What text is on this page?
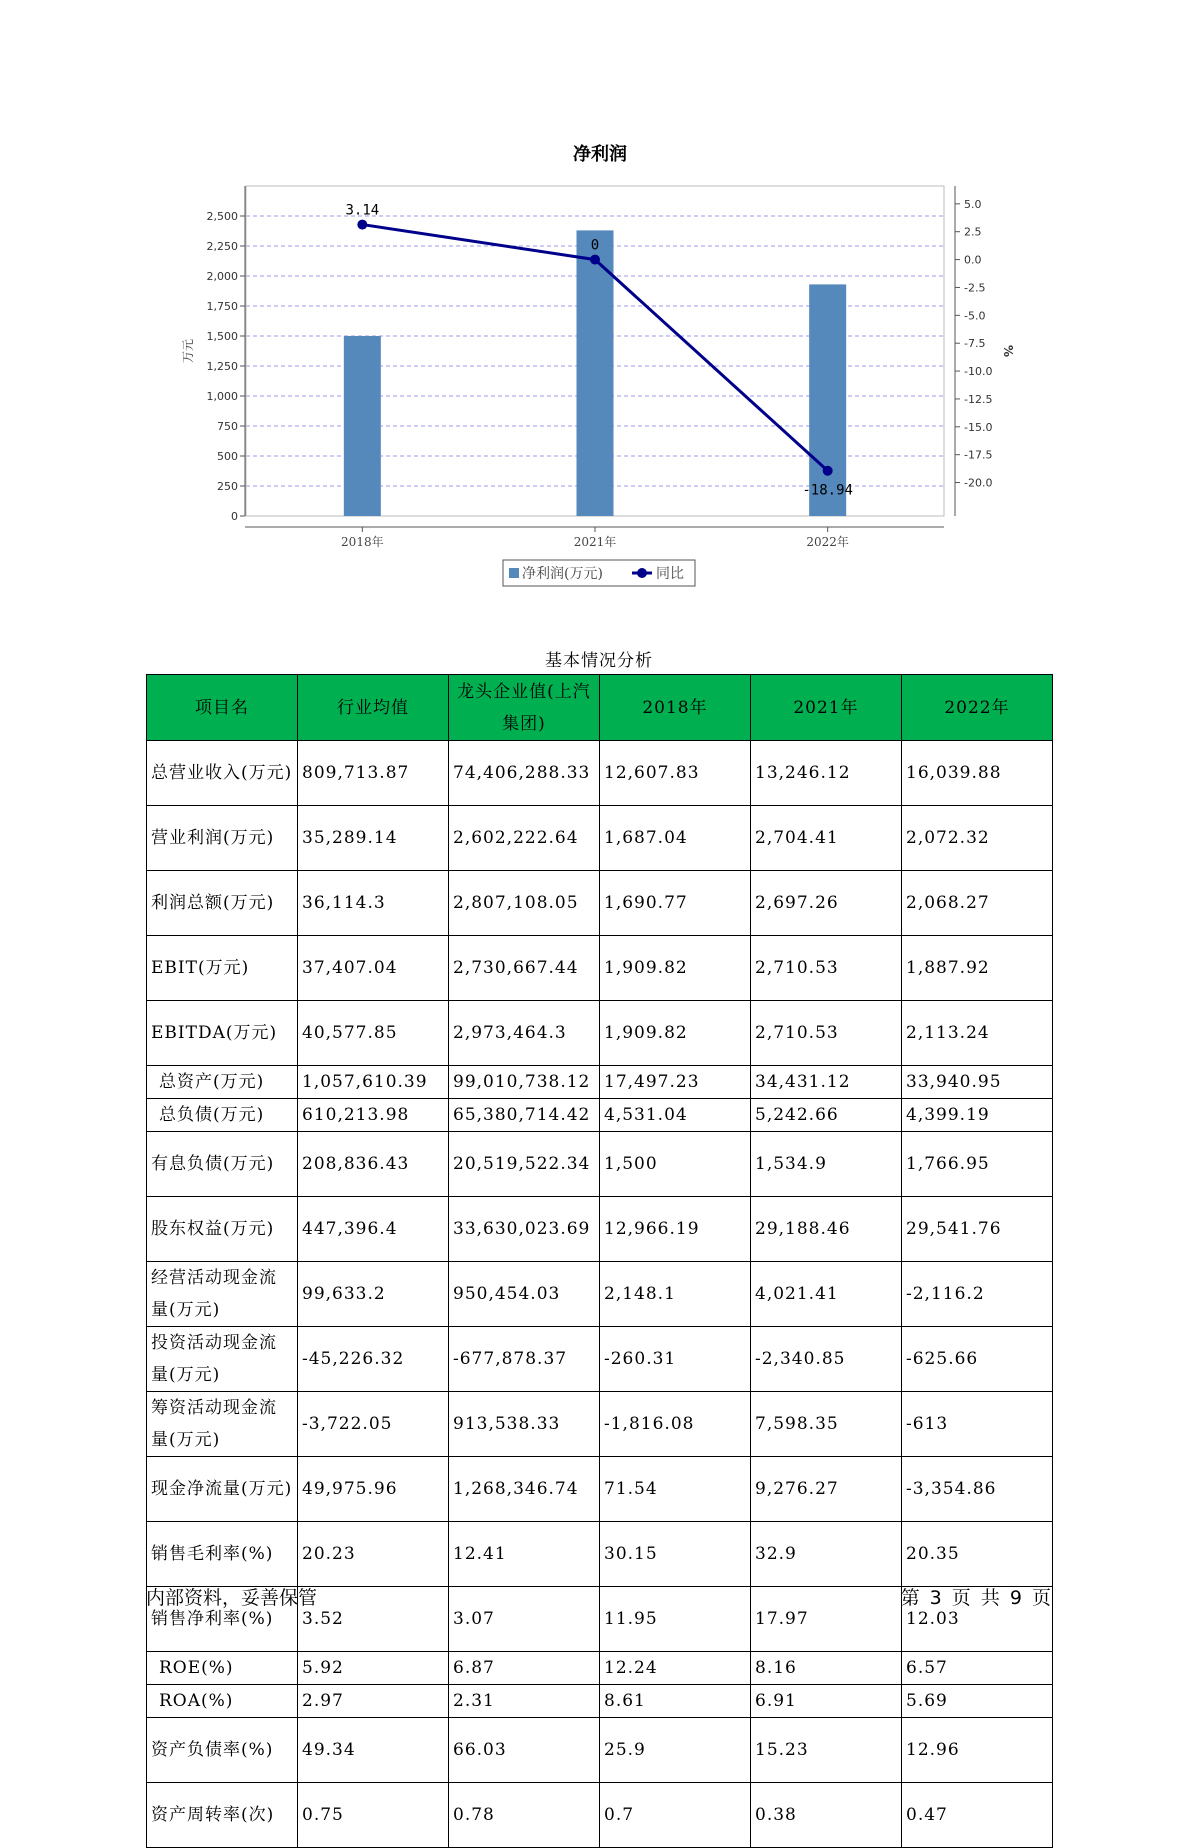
净利润
0
250
500
750
1,000
1,250
1,500
1,750
2,000
2,250
2,500
万元
5.0
2.5
0.0
-2.5
-5.0
-7.5
-10.0
-12.5
-15.0
-17.5
-20.0
%
2018年	2021年	2022年
3.14
0
-18.94
净利润(万元)	同比
基本情况分析
项目名	行业均值	龙头企业值(上汽集团)	2018年	2021年	2022年
总营业收入(万元)	809,713.87	74,406,288.33	12,607.83	13,246.12	16,039.88
营业利润(万元)	35,289.14	2,602,222.64	1,687.04	2,704.41	2,072.32
利润总额(万元)	36,114.3	2,807,108.05	1,690.77	2,697.26	2,068.27
EBIT(万元)	37,407.04	2,730,667.44	1,909.82	2,710.53	1,887.92
EBITDA(万元)	40,577.85	2,973,464.3	1,909.82	2,710.53	2,113.24
总资产(万元)	1,057,610.39	99,010,738.12	17,497.23	34,431.12	33,940.95
总负债(万元)	610,213.98	65,380,714.42	4,531.04	5,242.66	4,399.19
有息负债(万元)	208,836.43	20,519,522.34	1,500	1,534.9	1,766.95
股东权益(万元)	447,396.4	33,630,023.69	12,966.19	29,188.46	29,541.76
经营活动现金流量(万元)	99,633.2	950,454.03	2,148.1	4,021.41	-2,116.2
投资活动现金流量(万元)	-45,226.32	-677,878.37	-260.31	-2,340.85	-625.66
筹资活动现金流量(万元)	-3,722.05	913,538.33	-1,816.08	7,598.35	-613
现金净流量(万元)	49,975.96	1,268,346.74	71.54	9,276.27	-3,354.86
销售毛利率(%)	20.23	12.41	30.15	32.9	20.35
销售净利率(%)	3.52	3.07	11.95	17.97	12.03
ROE(%)	5.92	6.87	12.24	8.16	6.57
ROA(%)	2.97	2.31	8.61	6.91	5.69
资产负债率(%)	49.34	66.03	25.9	15.23	12.96
资产周转率(次)	0.75	0.78	0.7	0.38	0.47
内部资料，妥善保管	第 3 页 共 9 页
